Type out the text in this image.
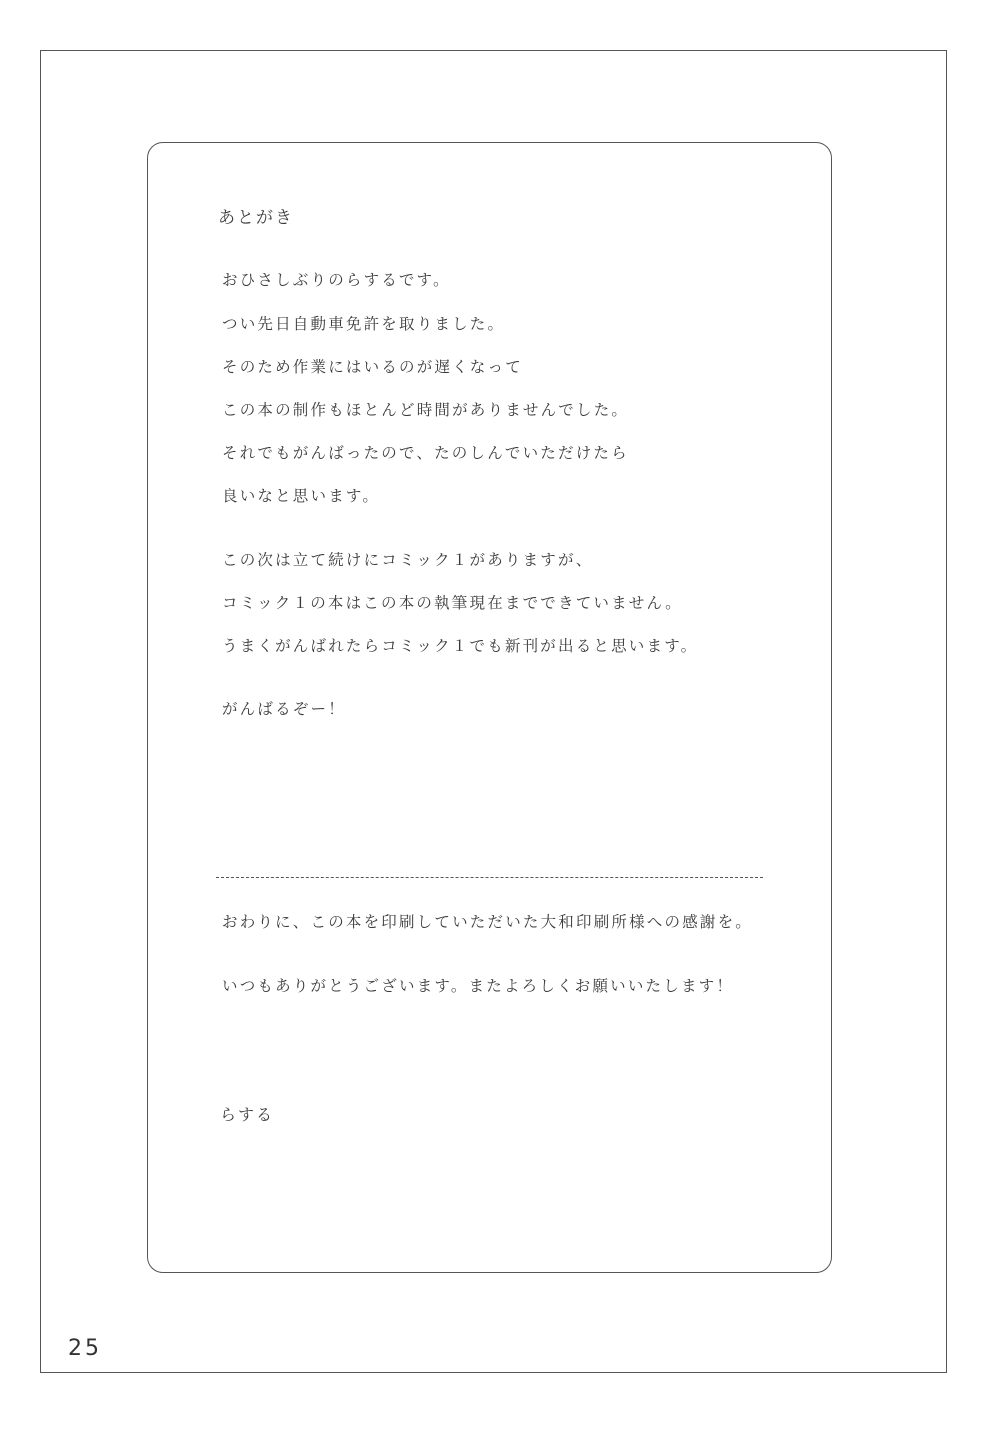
あとがき
おひさしぶりのらするです。
つい先日自動車免許を取りました。
そのため作業にはいるのが遅くなって
この本の制作もほとんど時間がありませんでした。
それでもがんばったので、たのしんでいただけたら
良いなと思います。
この次は立て続けにコミック１がありますが、
コミック１の本はこの本の執筆現在までできていません。
うまくがんばれたらコミック１でも新刊が出ると思います。
がんばるぞー！
おわりに、この本を印刷していただいた大和印刷所様への感謝を。
いつもありがとうございます。またよろしくお願いいたします！
らする
25
